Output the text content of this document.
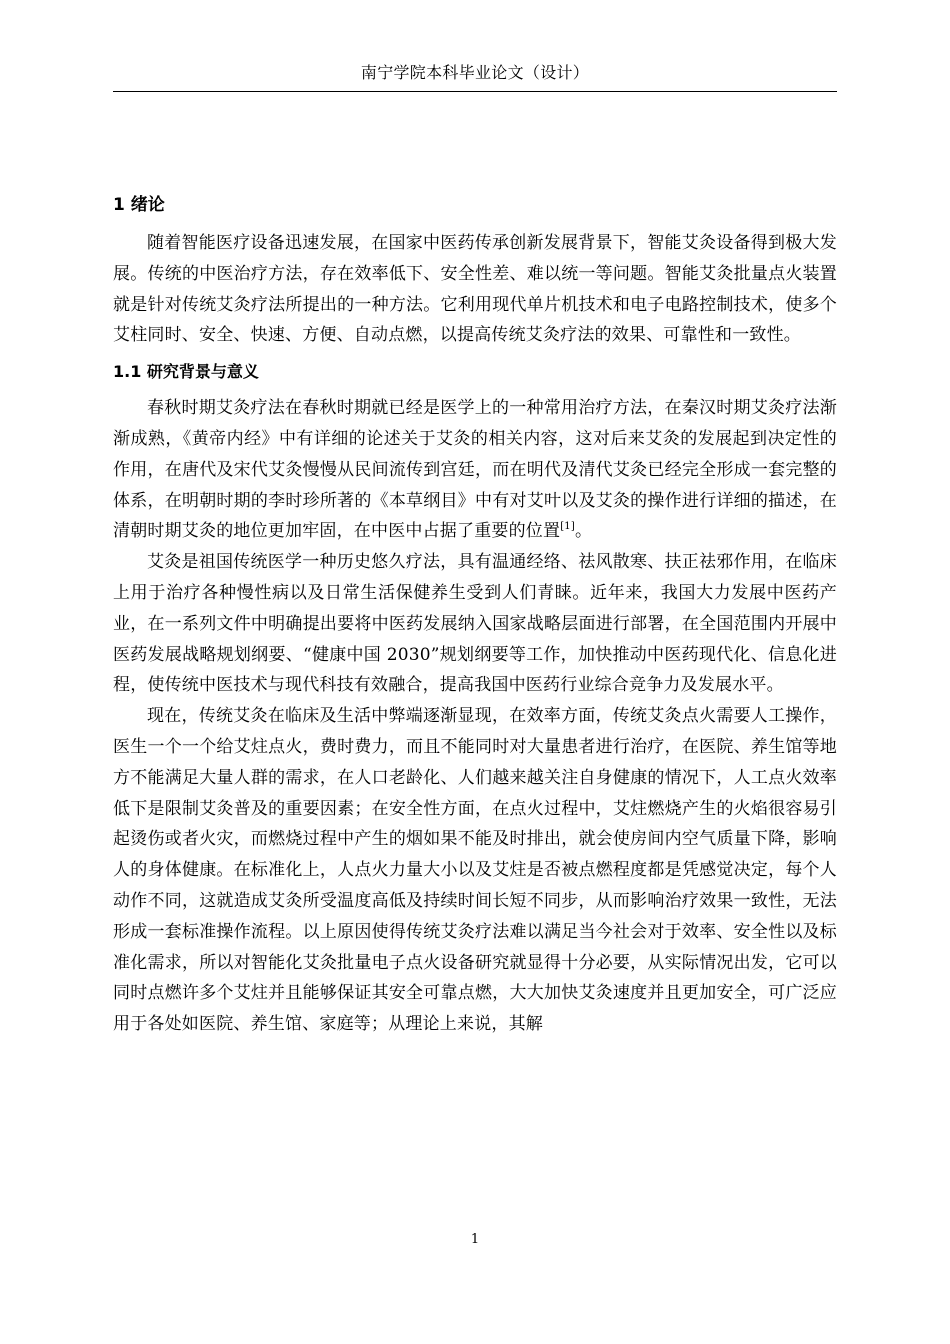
南宁学院本科毕业论文（设计）
1 绪论

随着智能医疗设备迅速发展，在国家中医药传承创新发展背景下，智能艾灸设备得到极大发展。传统的中医治疗方法，存在效率低下、安全性差、难以统一等问题。智能艾灸批量点火装置就是针对传统艾灸疗法所提出的一种方法。它利用现代单片机技术和电子电路控制技术，使多个艾柱同时、安全、快速、方便、自动点燃，以提高传统艾灸疗法的效果、可靠性和一致性。

1.1 研究背景与意义

春秋时期艾灸疗法在春秋时期就已经是医学上的一种常用治疗方法，在秦汉时期艾灸疗法渐渐成熟，《黄帝内经》中有详细的论述关于艾灸的相关内容，这对后来艾灸的发展起到决定性的作用，在唐代及宋代艾灸慢慢从民间流传到宫廷，而在明代及清代艾灸已经完全形成一套完整的体系，在明朝时期的李时珍所著的《本草纲目》中有对艾叶以及艾灸的操作进行详细的描述，在清朝时期艾灸的地位更加牢固，在中医中占据了重要的位置[1]。

艾灸是祖国传统医学一种历史悠久疗法，具有温通经络、祛风散寒、扶正祛邪作用，在临床上用于治疗各种慢性病以及日常生活保健养生受到人们青睐。近年来，我国大力发展中医药产业，在一系列文件中明确提出要将中医药发展纳入国家战略层面进行部署，在全国范围内开展中医药发展战略规划纲要、“健康中国 2030”规划纲要等工作，加快推动中医药现代化、信息化进程，使传统中医技术与现代科技有效融合，提高我国中医药行业综合竞争力及发展水平。

现在，传统艾灸在临床及生活中弊端逐渐显现，在效率方面，传统艾灸点火需要人工操作，医生一个一个给艾炷点火，费时费力，而且不能同时对大量患者进行治疗，在医院、养生馆等地方不能满足大量人群的需求，在人口老龄化、人们越来越关注自身健康的情况下，人工点火效率低下是限制艾灸普及的重要因素；在安全性方面，在点火过程中，艾炷燃烧产生的火焰很容易引起烫伤或者火灾，而燃烧过程中产生的烟如果不能及时排出，就会使房间内空气质量下降，影响人的身体健康。在标准化上，人点火力量大小以及艾炷是否被点燃程度都是凭感觉决定，每个人动作不同，这就造成艾灸所受温度高低及持续时间长短不同步，从而影响治疗效果一致性，无法形成一套标准操作流程。以上原因使得传统艾灸疗法难以满足当今社会对于效率、安全性以及标准化需求，所以对智能化艾灸批量电子点火设备研究就显得十分必要，从实际情况出发，它可以同时点燃许多个艾炷并且能够保证其安全可靠点燃，大大加快艾灸速度并且更加安全，可广泛应用于各处如医院、养生馆、家庭等；从理论上来说，其解

1
